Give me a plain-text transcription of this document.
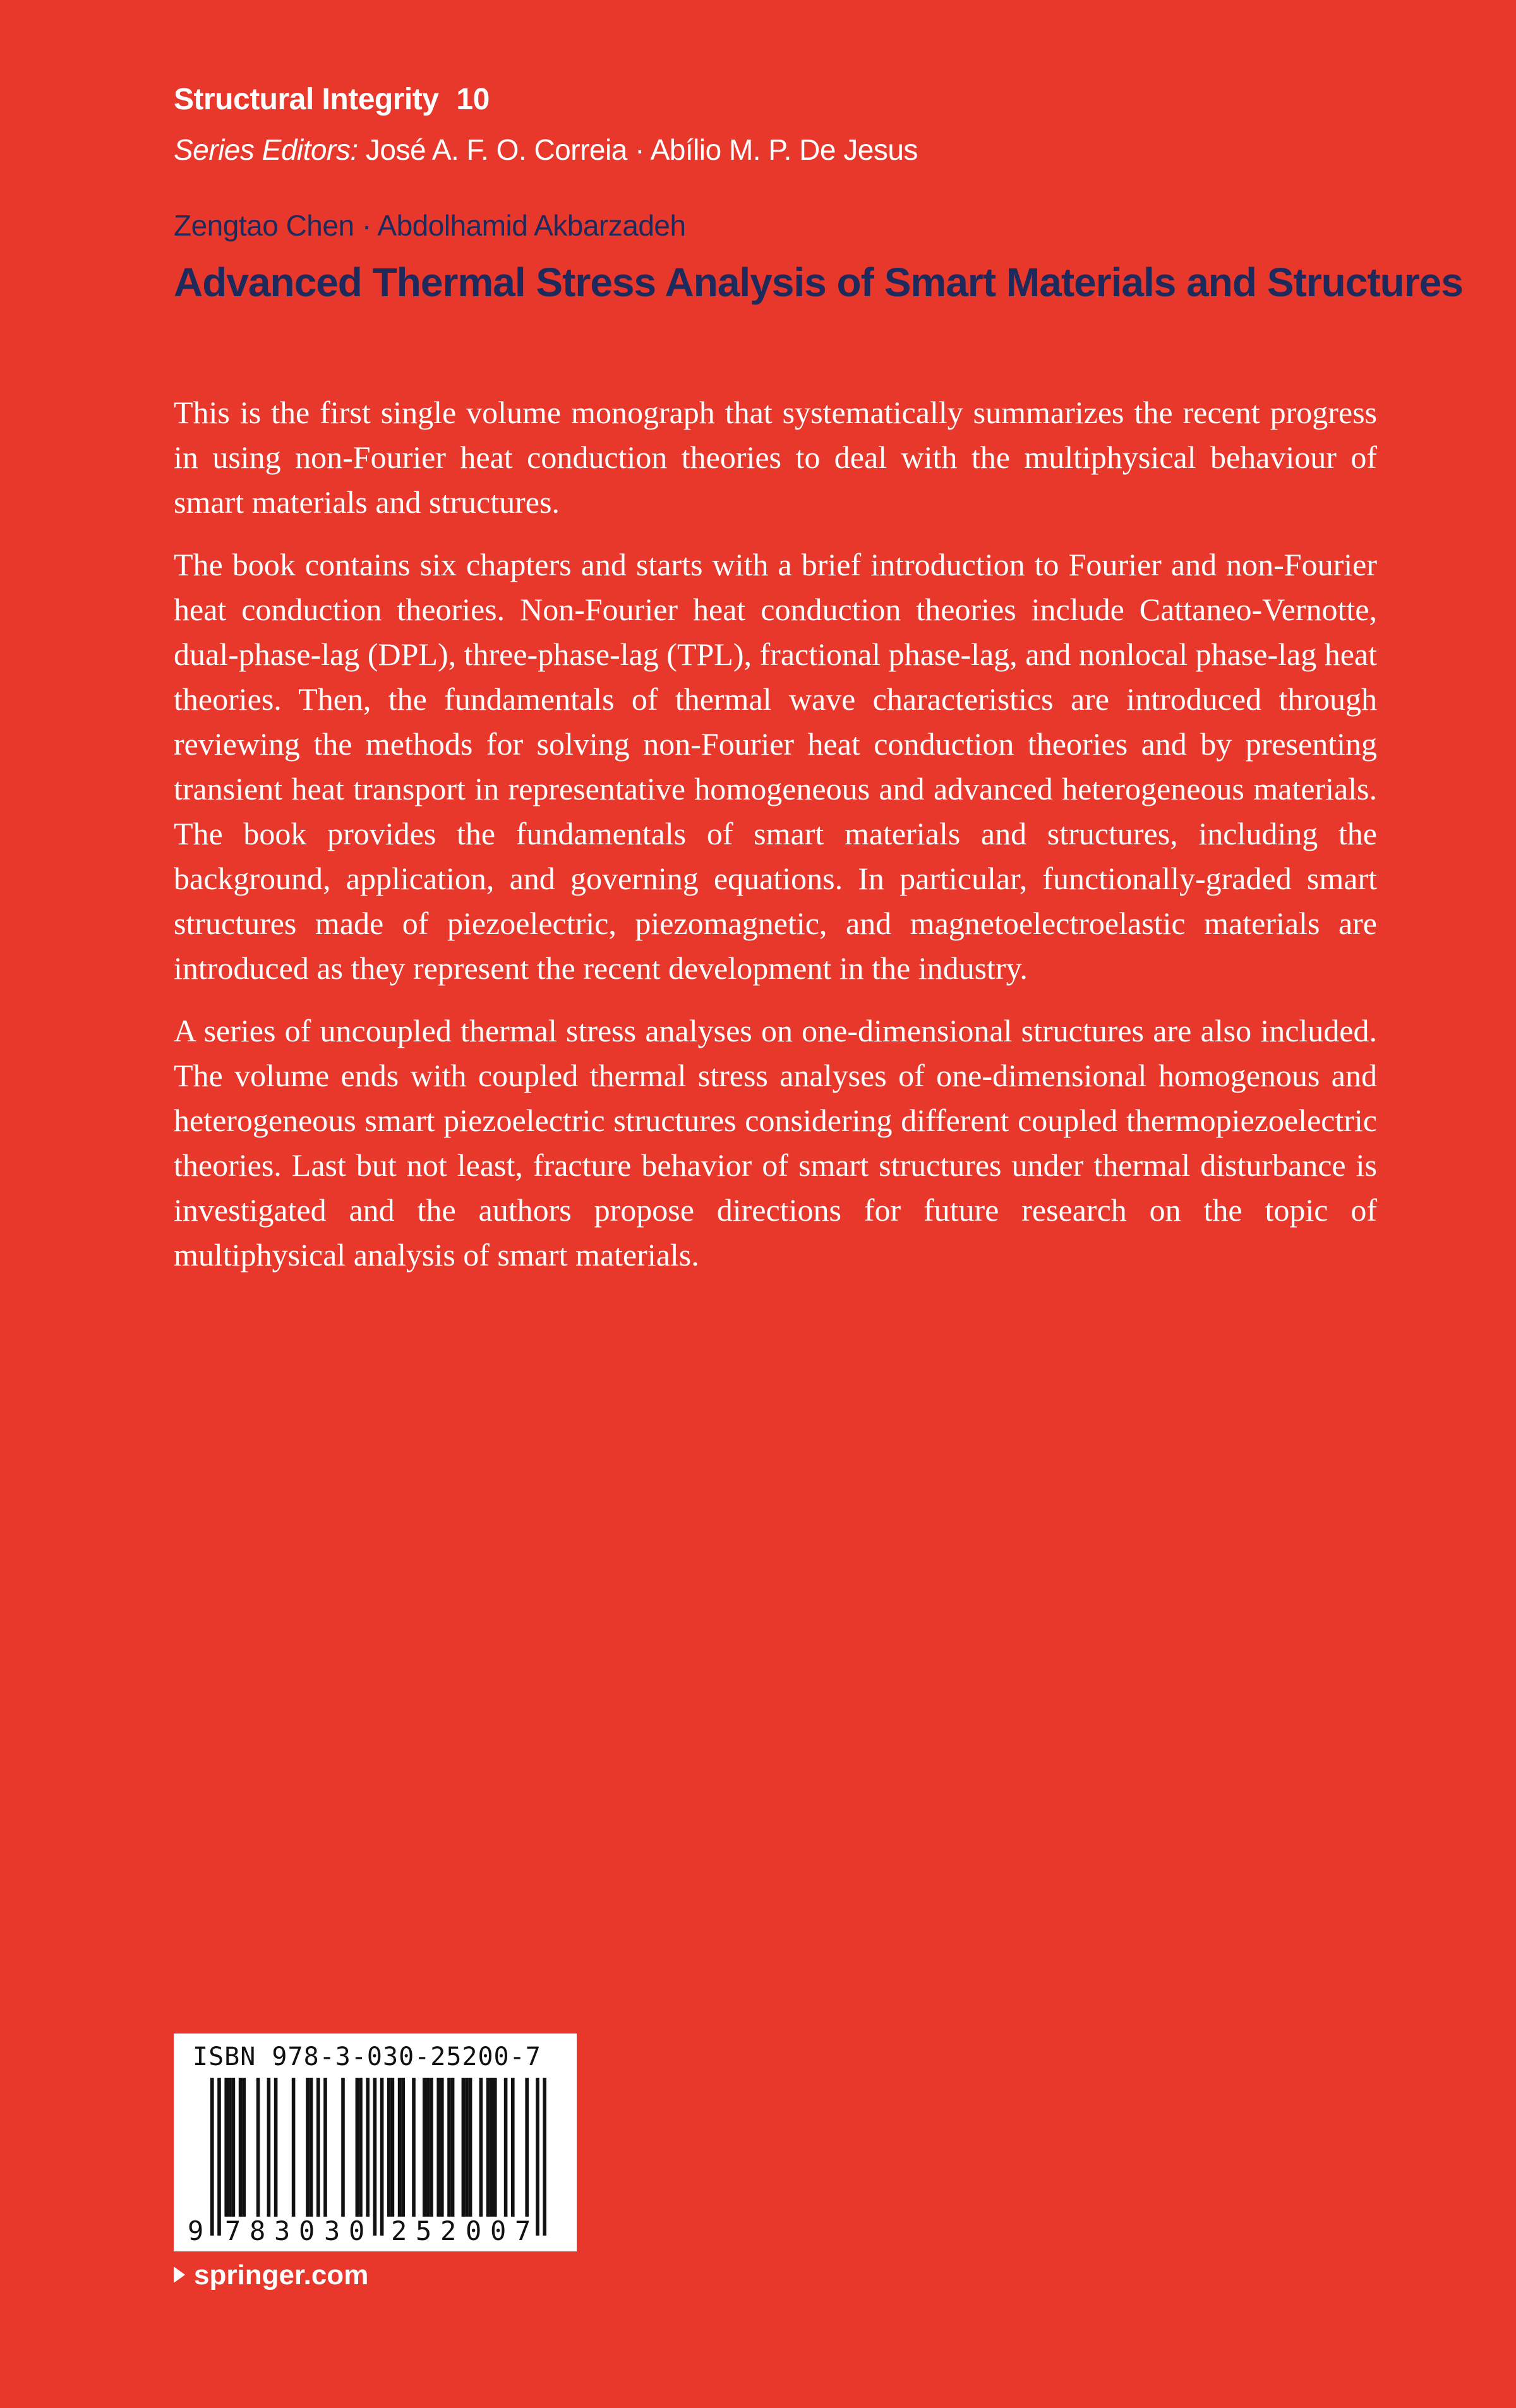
Structural Integrity 10
Series Editors: José A. F. O. Correia · Abílio M. P. De Jesus
Zengtao Chen · Abdolhamid Akbarzadeh
Advanced Thermal Stress Analysis of Smart Materials and Structures

This is the first single volume monograph that systematically summarizes the recent progress in using non-Fourier heat conduction theories to deal with the multiphysical behaviour of smart materials and structures.

The book contains six chapters and starts with a brief introduction to Fourier and non-Fourier heat conduction theories. Non-Fourier heat conduction theories include Cattaneo-Vernotte, dual-phase-lag (DPL), three-phase-lag (TPL), fractional phase-lag, and nonlocal phase-lag heat theories. Then, the fundamentals of thermal wave characteristics are introduced through reviewing the methods for solving non-Fourier heat conduction theories and by presenting transient heat transport in representative homogeneous and advanced heterogeneous materials. The book provides the fundamentals of smart materials and structures, including the background, application, and governing equations. In particular, functionally-graded smart structures made of piezoelectric, piezomagnetic, and magnetoelectroelastic materials are introduced as they represent the recent development in the industry.

A series of uncoupled thermal stress analyses on one-dimensional structures are also included. The volume ends with coupled thermal stress analyses of one-dimensional homogenous and heterogeneous smart piezoelectric structures considering different coupled thermopiezoelectric theories. Last but not least, fracture behavior of smart structures under thermal disturbance is investigated and the authors propose directions for future research on the topic of multiphysical analysis of smart materials.

ISBN 978-3-030-25200-7
9 7 8 3 0 3 0 2 5 2 0 0 7
springer.com
